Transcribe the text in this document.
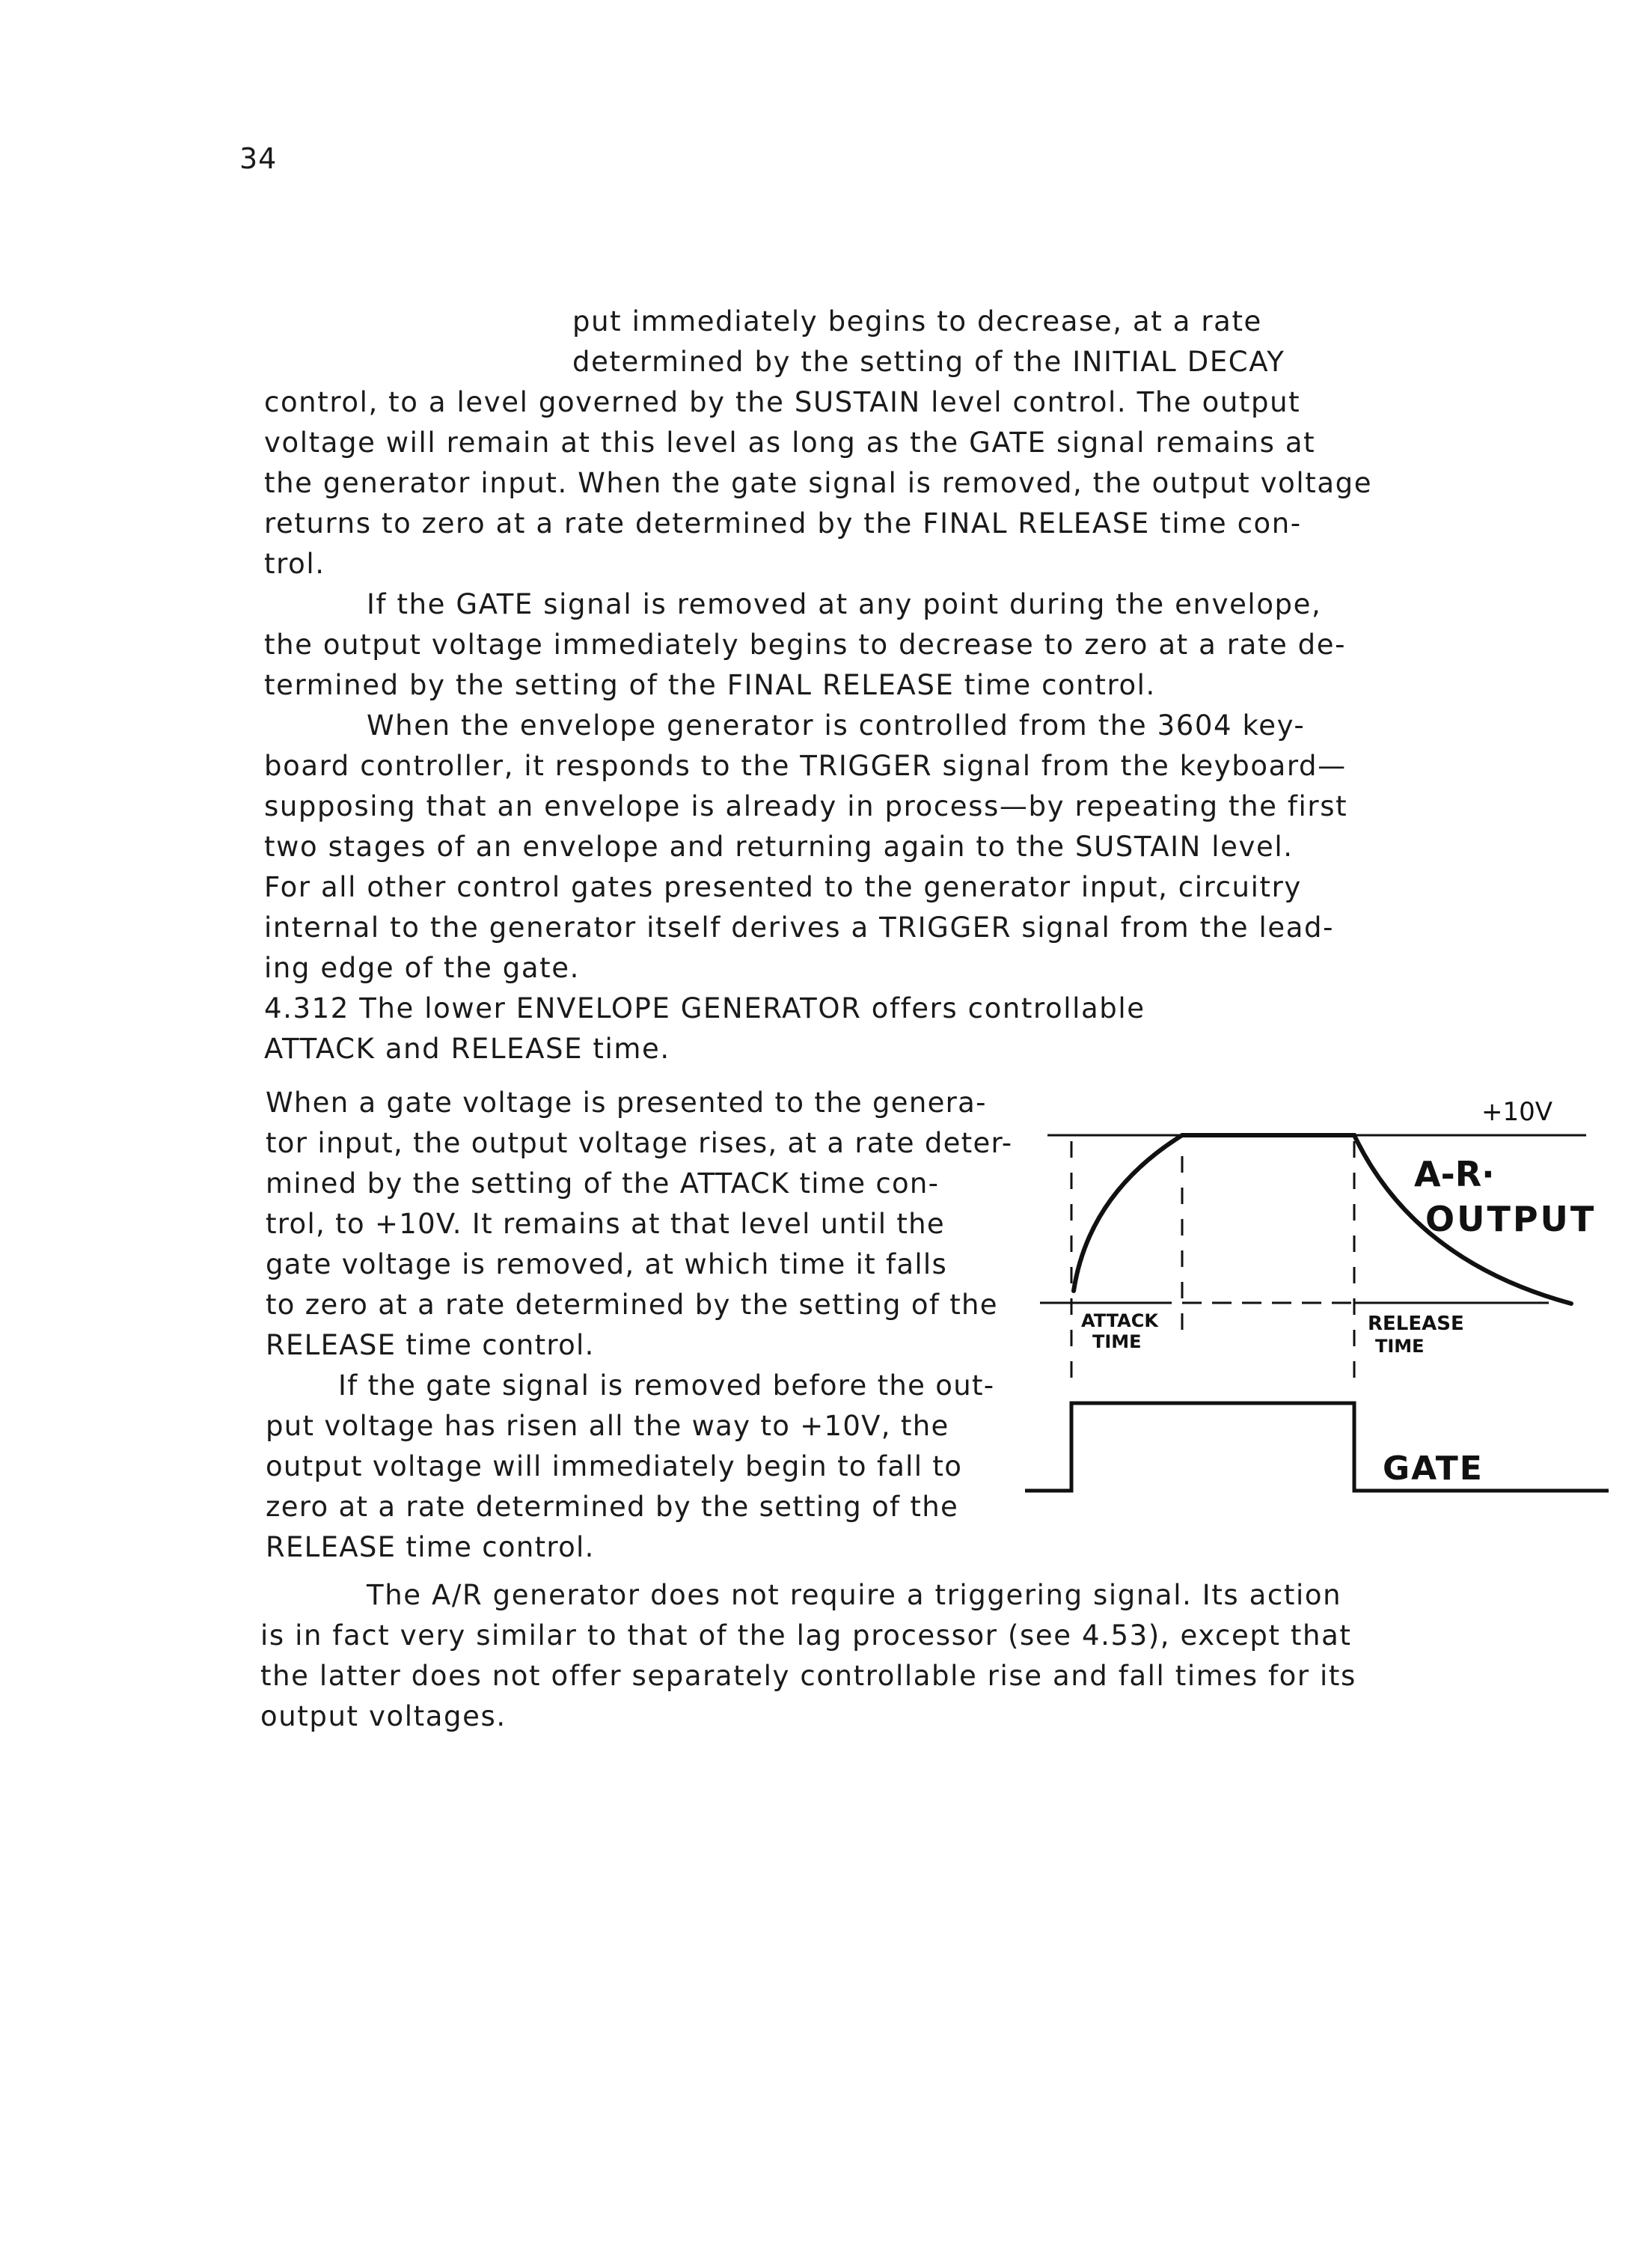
34
put immediately begins to decrease, at a rate
determined by the setting of the INITIAL DECAY
control, to a level governed by the SUSTAIN level control. The output
voltage will remain at this level as long as the GATE signal remains at
the generator input. When the gate signal is removed, the output voltage
returns to zero at a rate determined by the FINAL RELEASE time con-
trol.
If the GATE signal is removed at any point during the envelope,
the output voltage immediately begins to decrease to zero at a rate de-
termined by the setting of the FINAL RELEASE time control.
When the envelope generator is controlled from the 3604 key-
board controller, it responds to the TRIGGER signal from the keyboard—
supposing that an envelope is already in process—by repeating the first
two stages of an envelope and returning again to the SUSTAIN level.
For all other control gates presented to the generator input, circuitry
internal to the generator itself derives a TRIGGER signal from the lead-
ing edge of the gate.
4.312 The lower ENVELOPE GENERATOR offers controllable
ATTACK and RELEASE time.
When a gate voltage is presented to the genera-
tor input, the output voltage rises, at a rate deter-
mined by the setting of the ATTACK time con-
trol, to +10V. It remains at that level until the
gate voltage is removed, at which time it falls
to zero at a rate determined by the setting of the
RELEASE time control.
If the gate signal is removed before the out-
put voltage has risen all the way to +10V, the
output voltage will immediately begin to fall to
zero at a rate determined by the setting of the
RELEASE time control.
The A/R generator does not require a triggering signal. Its action
is in fact very similar to that of the lag processor (see 4.53), except that
the latter does not offer separately controllable rise and fall times for its
output voltages.
+10V
A-R·
OUTPUT
ATTACK
TIME
RELEASE
TIME
GATE
